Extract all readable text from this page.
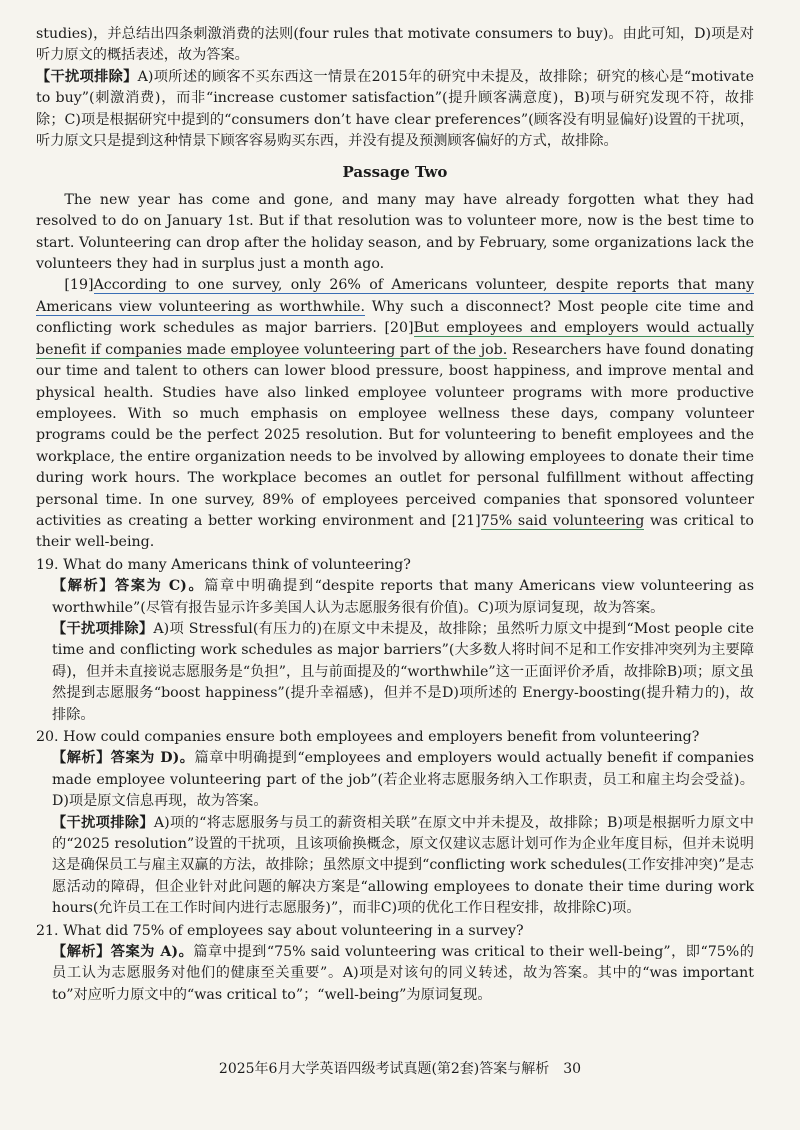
studies)，并总结出四条刺激消费的法则(four rules that motivate consumers to buy)。由此可知，D)项是对听力原文的概括表述，故为答案。

【干扰项排除】A)项所述的顾客不买东西这一情景在2015年的研究中未提及，故排除；研究的核心是“motivate to buy”(刺激消费)，而非“increase customer satisfaction”(提升顾客满意度)，B)项与研究发现不符，故排除；C)项是根据研究中提到的“consumers don’t have clear preferences”(顾客没有明显偏好)设置的干扰项，听力原文只是提到这种情景下顾客容易购买东西，并没有提及预测顾客偏好的方式，故排除。

Passage Two

The new year has come and gone, and many may have already forgotten what they had resolved to do on January 1st. But if that resolution was to volunteer more, now is the best time to start. Volunteering can drop after the holiday season, and by February, some organizations lack the volunteers they had in surplus just a month ago.

[19]According to one survey, only 26% of Americans volunteer, despite reports that many Americans view volunteering as worthwhile. Why such a disconnect? Most people cite time and conflicting work schedules as major barriers. [20]But employees and employers would actually benefit if companies made employee volunteering part of the job. Researchers have found donating our time and talent to others can lower blood pressure, boost happiness, and improve mental and physical health. Studies have also linked employee volunteer programs with more productive employees. With so much emphasis on employee wellness these days, company volunteer programs could be the perfect 2025 resolution. But for volunteering to benefit employees and the workplace, the entire organization needs to be involved by allowing employees to donate their time during work hours. The workplace becomes an outlet for personal fulfillment without affecting personal time. In one survey, 89% of employees perceived companies that sponsored volunteer activities as creating a better working environment and [21]75% said volunteering was critical to their well-being.

19. What do many Americans think of volunteering?

【解析】答案为 C)。篇章中明确提到“despite reports that many Americans view volunteering as worthwhile”(尽管有报告显示许多美国人认为志愿服务很有价值)。C)项为原词复现，故为答案。

【干扰项排除】A)项 Stressful(有压力的)在原文中未提及，故排除；虽然听力原文中提到“Most people cite time and conflicting work schedules as major barriers”(大多数人将时间不足和工作安排冲突列为主要障碍)，但并未直接说志愿服务是“负担”，且与前面提及的“worthwhile”这一正面评价矛盾，故排除B)项；原文虽然提到志愿服务“boost happiness”(提升幸福感)，但并不是D)项所述的 Energy-boosting(提升精力的)，故排除。

20. How could companies ensure both employees and employers benefit from volunteering?

【解析】答案为 D)。篇章中明确提到“employees and employers would actually benefit if companies made employee volunteering part of the job”(若企业将志愿服务纳入工作职责，员工和雇主均会受益)。D)项是原文信息再现，故为答案。

【干扰项排除】A)项的“将志愿服务与员工的薪资相关联”在原文中并未提及，故排除；B)项是根据听力原文中的“2025 resolution”设置的干扰项，且该项偷换概念，原文仅建议志愿计划可作为企业年度目标，但并未说明这是确保员工与雇主双赢的方法，故排除；虽然原文中提到“conflicting work schedules(工作安排冲突)”是志愿活动的障碍，但企业针对此问题的解决方案是“allowing employees to donate their time during work hours(允许员工在工作时间内进行志愿服务)”，而非C)项的优化工作日程安排，故排除C)项。

21. What did 75% of employees say about volunteering in a survey?

【解析】答案为 A)。篇章中提到“75% said volunteering was critical to their well-being”，即“75%的员工认为志愿服务对他们的健康至关重要”。A)项是对该句的同义转述，故为答案。其中的“was important to”对应听力原文中的“was critical to”；“well-being”为原词复现。

2025年6月大学英语四级考试真题(第2套)答案与解析　30
